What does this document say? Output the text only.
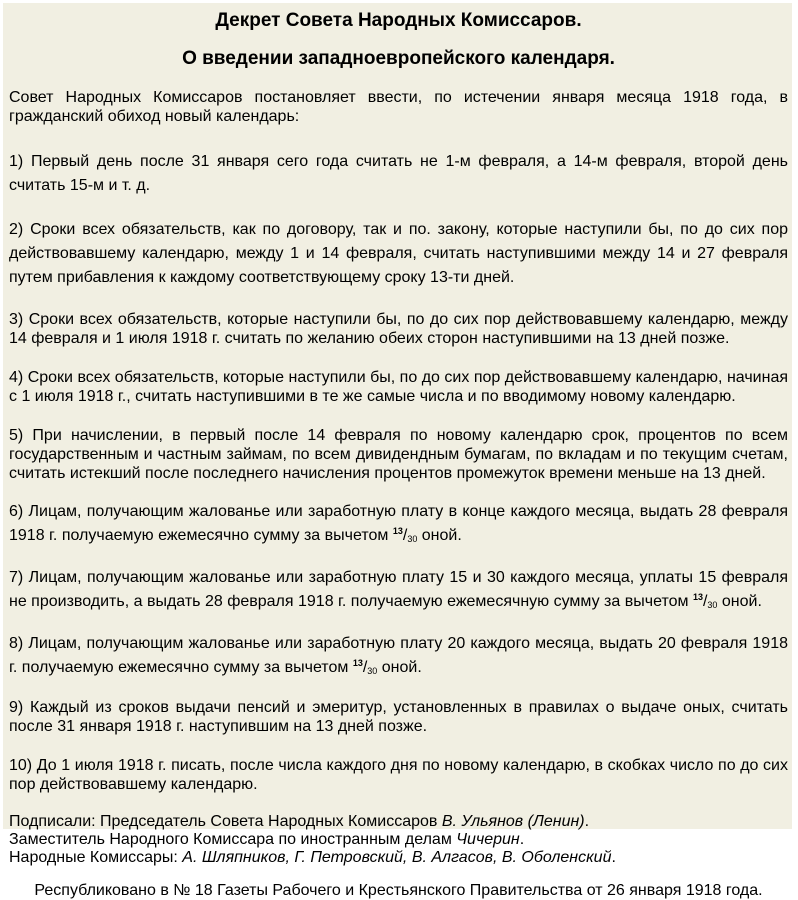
Декрет Совета Народных Комиссаров.
О введении западноевропейского календаря.

Совет Народных Комиссаров постановляет ввести, по истечении января месяца 1918 года, в гражданский обиход новый календарь:

1) Первый день после 31 января сего года считать не 1-м февраля, а 14-м февраля, второй день считать 15-м и т. д.

2) Сроки всех обязательств, как по договору, так и по. закону, которые наступили бы, по до сих пор действовавшему календарю, между 1 и 14 февраля, считать наступившими между 14 и 27 февраля путем прибавления к каждому соответствующему сроку 13-ти дней.

3) Сроки всех обязательств, которые наступили бы, по до сих пор действовавшему календарю, между 14 февраля и 1 июля 1918 г. считать по желанию обеих сторон наступившими на 13 дней позже.

4) Сроки всех обязательств, которые наступили бы, по до сих пор действовавшему календарю, начиная с 1 июля 1918 г., считать наступившими в те же самые числа и по вводимому новому календарю.

5) При начислении, в первый после 14 февраля по новому календарю срок, процентов по всем государственным и частным займам, по всем дивидендным бумагам, по вкладам и по текущим счетам, считать истекший после последнего начисления процентов промежуток времени меньше на 13 дней.

6) Лицам, получающим жалованье или заработную плату в конце каждого месяца, выдать 28 февраля 1918 г. получаемую ежемесячно сумму за вычетом $^{13}/_{30}$ оной.

7) Лицам, получающим жалованье или заработную плату 15 и 30 каждого месяца, уплаты 15 февраля не производить, а выдать 28 февраля 1918 г. получаемую ежемесячную сумму за вычетом $^{13}/_{30}$ оной.

8) Лицам, получающим жалованье или заработную плату 20 каждого месяца, выдать 20 февраля 1918 г. получаемую ежемесячно сумму за вычетом $^{13}/_{30}$ оной.

9) Каждый из сроков выдачи пенсий и эмеритур, установленных в правилах о выдаче оных, считать после 31 января 1918 г. наступившим на 13 дней позже.

10) До 1 июля 1918 г. писать, после числа каждого дня по новому календарю, в скобках число по до сих пор действовавшему календарю.

Подписали: Председатель Совета Народных Комиссаров В. Ульянов (Ленин).
Заместитель Народного Комиссара по иностранным делам Чичерин.
Народные Комиссары: А. Шляпников, Г. Петровский, В. Алгасов, В. Оболенский.

Республиковано в № 18 Газеты Рабочего и Крестьянского Правительства от 26 января 1918 года.
